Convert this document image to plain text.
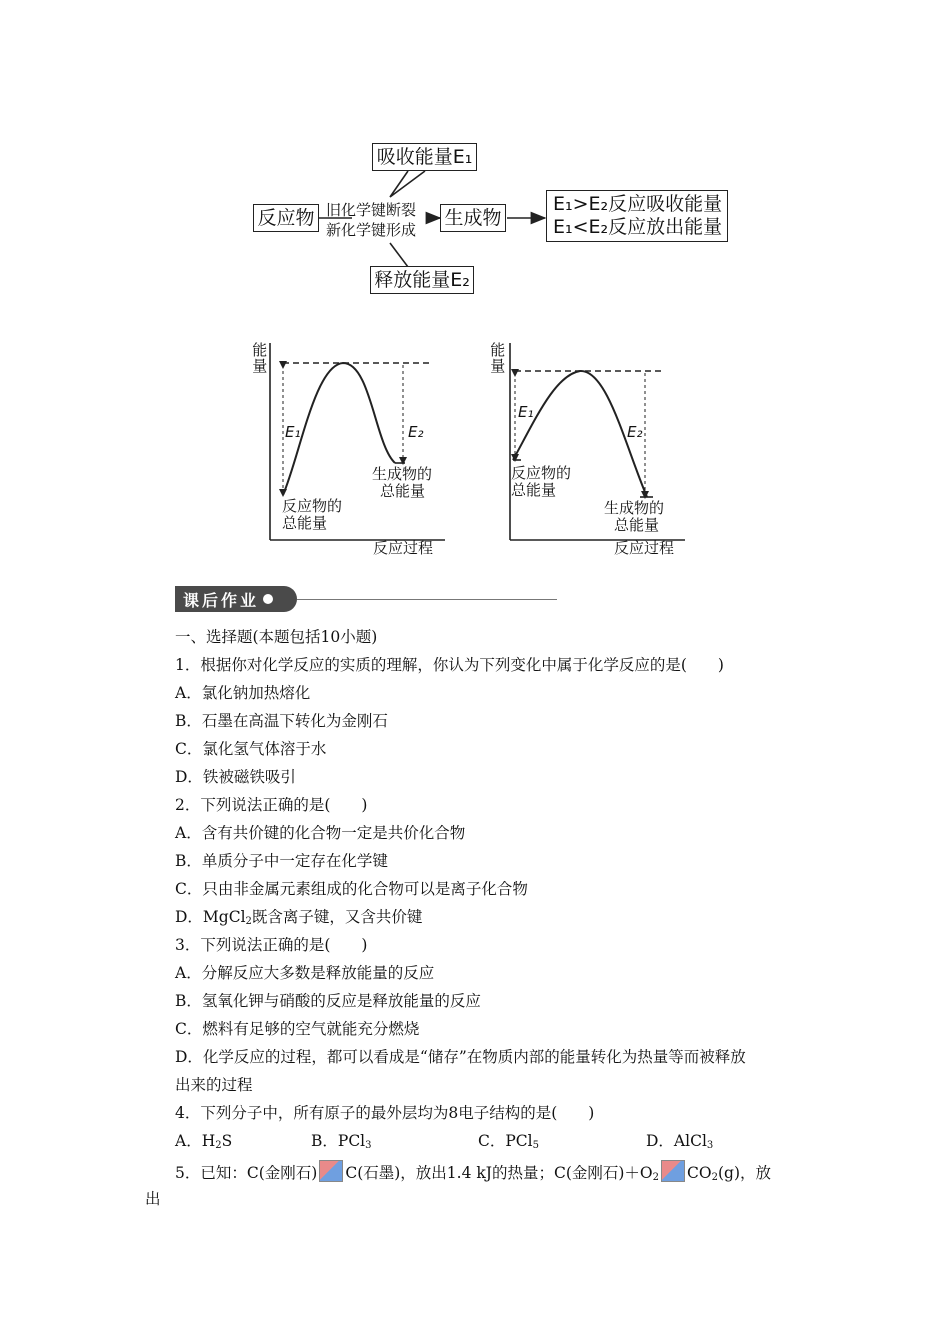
吸收能量E₁
反应物 旧化学键断裂
新化学键形成
生成物
E₁>E₂反应吸收能量
E₁<E₂反应放出能量
释放能量E₂
能量
反应过程
E₁	E₂
生成物的
总能量
反应物的
总能量
能量
反应过程
E₁
E₂
反应物的
总能量
生成物的
总能量
课后作业
一、选择题(本题包括10小题)
1．根据你对化学反应的实质的理解，你认为下列变化中属于化学反应的是(　　)
A．氯化钠加热熔化
B．石墨在高温下转化为金刚石
C．氯化氢气体溶于水
D．铁被磁铁吸引
2．下列说法正确的是(　　)
A．含有共价键的化合物一定是共价化合物
B．单质分子中一定存在化学键
C．只由非金属元素组成的化合物可以是离子化合物
D．MgCl$_2$既含离子键，又含共价键
3．下列说法正确的是(　　)
A．分解反应大多数是释放能量的反应
B．氢氧化钾与硝酸的反应是释放能量的反应
C．燃料有足够的空气就能充分燃烧
D．化学反应的过程，都可以看成是“储存”在物质内部的能量转化为热量等而被释放
出来的过程
4．下列分子中，所有原子的最外层均为8电子结构的是(　　)
A．$H_2S$	B．PCl$_3$	C．PCl$_5$	D．AlCl$_3$
5．已知：C(金刚石) C(石墨)，放出1.4 kJ的热量；C(金刚石)$+O_2$ $CO_2(g)$，放
出
